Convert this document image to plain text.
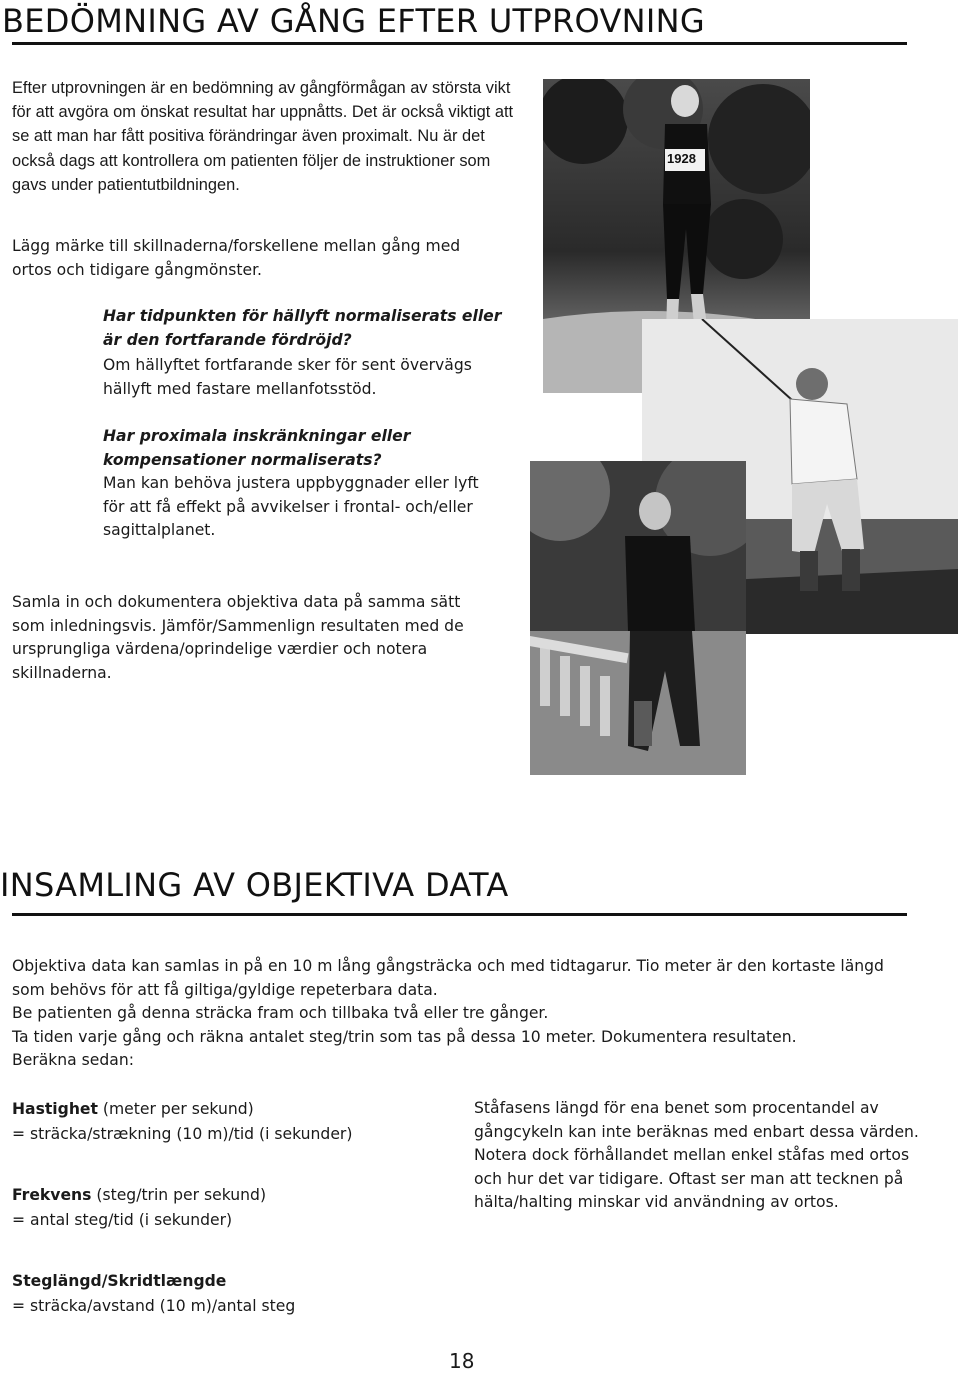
BEDÖMNING AV GÅNG EFTER UTPROVNING

Efter utprovningen är en bedömning av gångförmågan av största vikt för att avgöra om önskat resultat har uppnåtts. Det är också viktigt att se att man har fått positiva förändringar även proximalt. Nu är det också dags att kontrollera om patienten följer de instruktioner som gavs under patientutbildningen.

Lägg märke till skillnaderna/forskellene mellan gång med ortos och tidigare gångmönster.

Har tidpunkten för hällyft normaliserats eller är den fortfarande fördröjd?

Om hällyftet fortfarande sker för sent övervägs hällyft med fastare mellanfotsstöd.

Har proximala inskränkningar eller kompensationer normaliserats?

Man kan behöva justera uppbyggnader eller lyft för att få effekt på avvikelser i frontal- och/eller sagittalplanet.

Samla in och dokumentera objektiva data på samma sätt som inledningsvis. Jämför/Sammenlign resultaten med de ursprungliga värdena/oprindelige værdier och notera skillnaderna.

1928
INSAMLING AV OBJEKTIVA DATA
Objektiva data kan samlas in på en 10 m lång gångsträcka och med tidtagarur. Tio meter är den kortaste längd
som behövs för att få giltiga/gyldige repeterbara data.
Be patienten gå denna sträcka fram och tillbaka två eller tre gånger.
Ta tiden varje gång och räkna antalet steg/trin som tas på dessa 10 meter. Dokumentera resultaten.
Beräkna sedan:
Hastighet (meter per sekund)
= sträcka/strækning (10 m)/tid (i sekunder)
Frekvens (steg/trin per sekund)
= antal steg/tid (i sekunder)
Steglängd/Skridtlængde
= sträcka/avstand (10 m)/antal steg

Ståfasens längd för ena benet som procentandel av gångcykeln kan inte beräknas med enbart dessa värden. Notera dock förhållandet mellan enkel ståfas med ortos och hur det var tidigare. Oftast ser man att tecknen på hälta/halting minskar vid användning av ortos.

18
